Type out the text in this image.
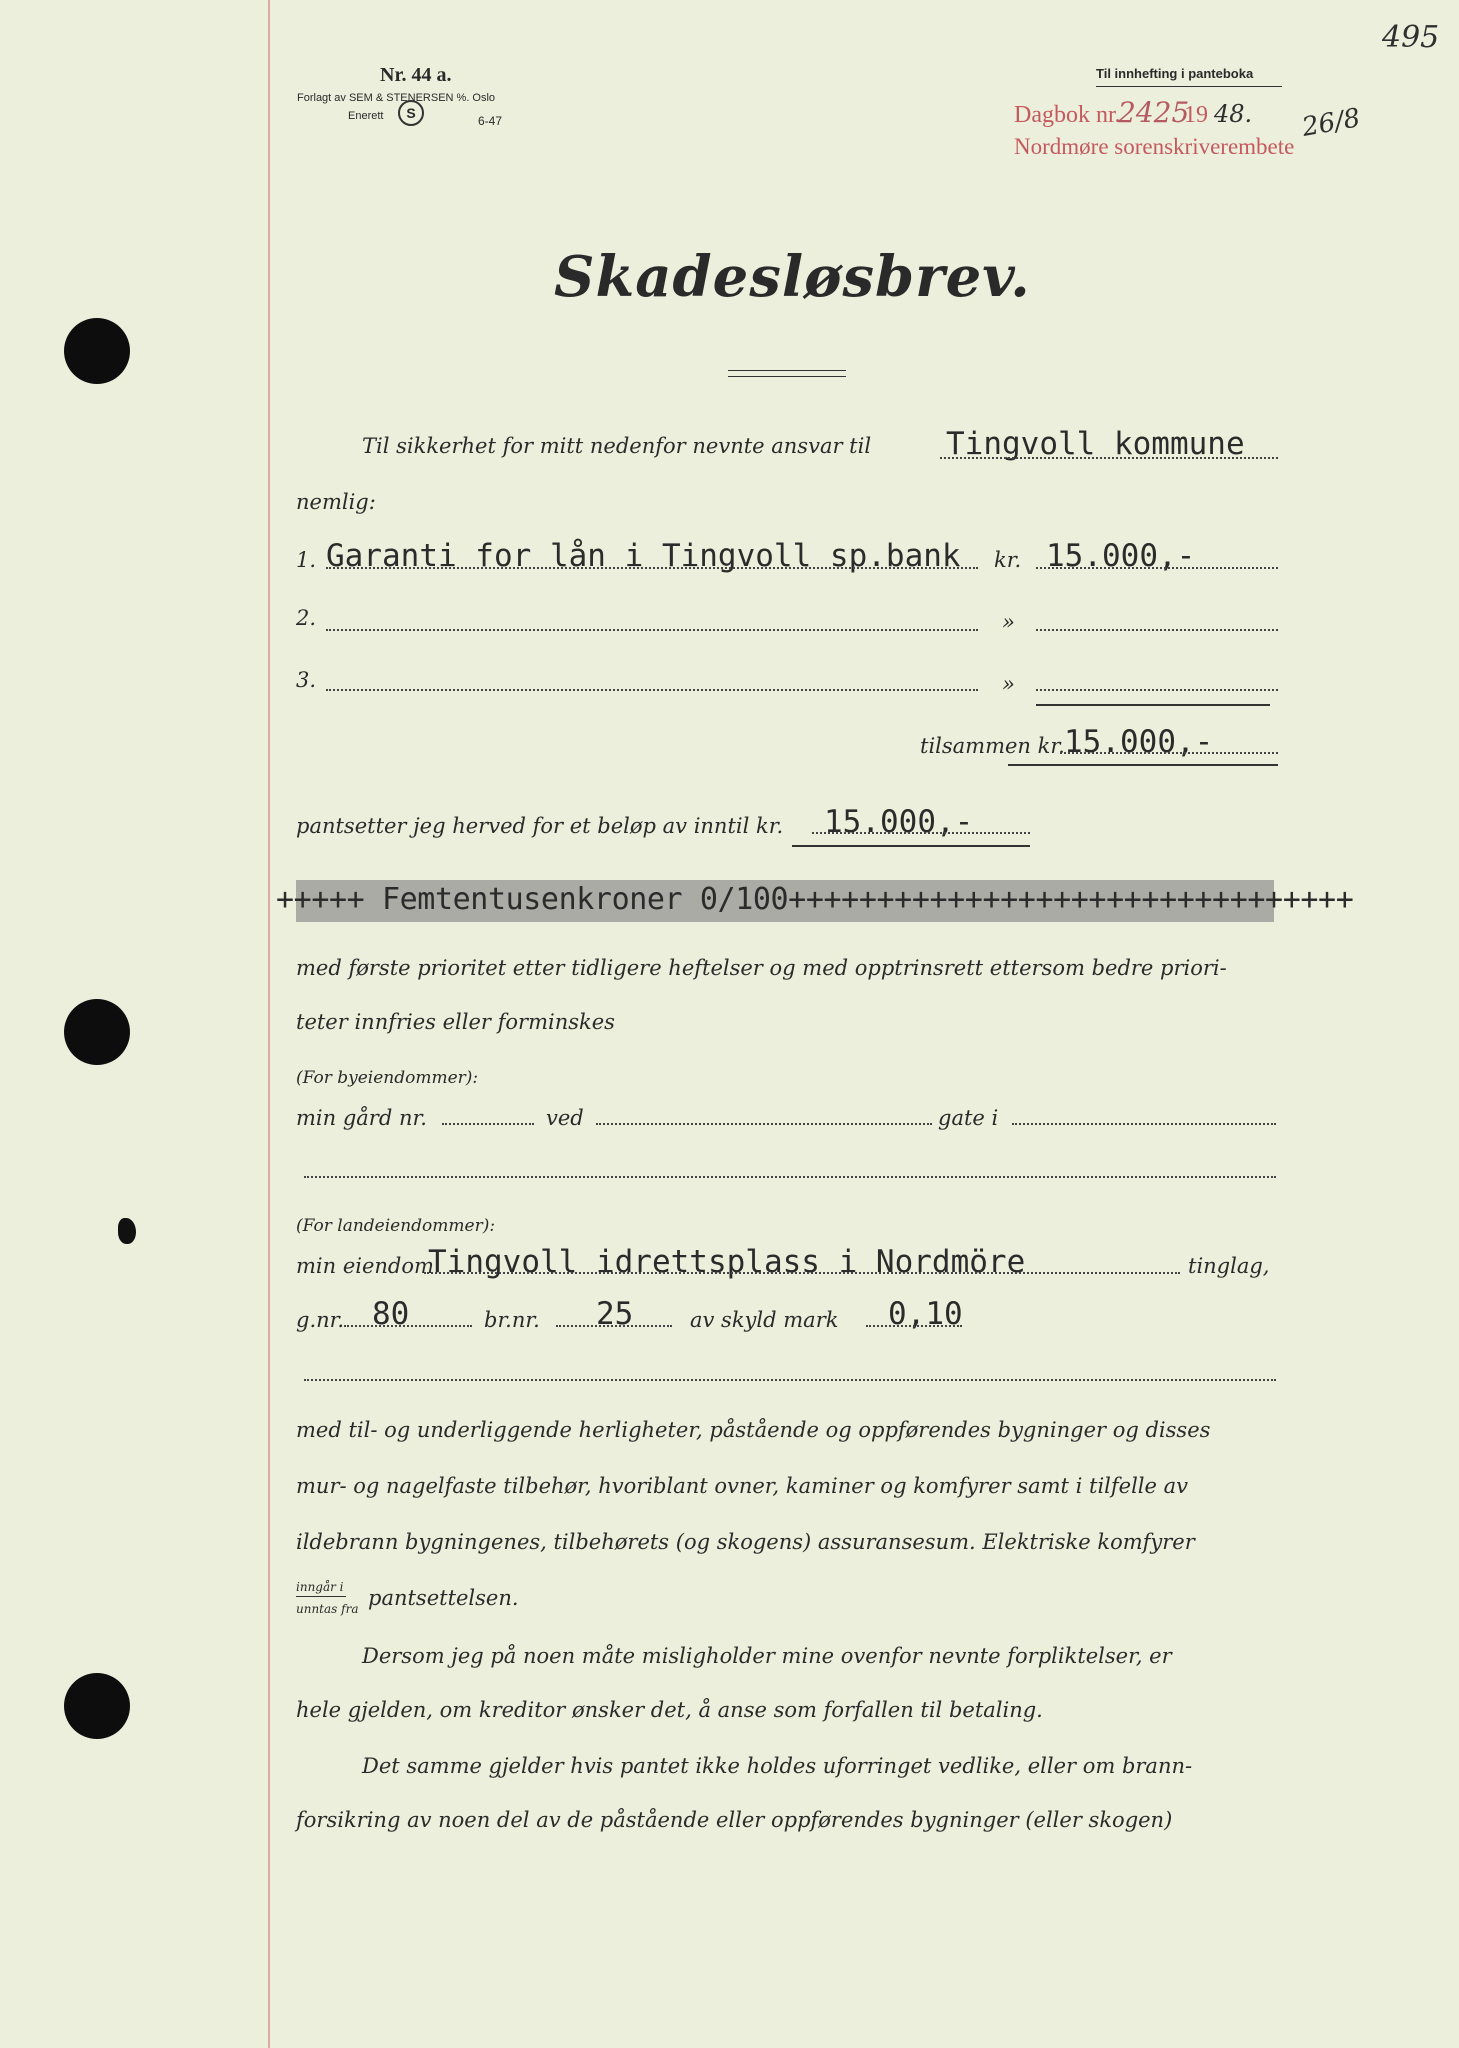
Nr. 44 a.
Forlagt av SEM & STENERSEN %. Oslo
Enerett	S	6-47
Til innhefting i panteboka
Dagbok nr.
2425
19 48. 26/8
Nordmøre sorenskriverembete
495
Skadesløsbrev.
Til sikkerhet for mitt nedenfor nevnte ansvar til Tingvoll kommune
nemlig:
1. Garanti for lån i Tingvoll sp.bank kr. 15.000,-
2.	»
3.	»
tilsammen kr. 15.000,-
pantsetter jeg herved for et beløp av inntil kr. 15.000,-
+++++ Femtentusenkroner 0/100++++++++++++++++++++++++++++++++
med første prioritet etter tidligere heftelser og med opptrinsrett ettersom bedre priori-
teter innfries eller forminskes
(For byeiendommer):
min gård nr.	ved	gate i
(For landeiendommer):
min eiendom
Tingvoll idrettsplass i Nordmöre	tinglag,
g.nr. 80	br.nr. 25	av skyld mark 0,10
med til- og underliggende herligheter, påstående og oppførendes bygninger og disses
mur- og nagelfaste tilbehør, hvoriblant ovner, kaminer og komfyrer samt i tilfelle av
ildebrann bygningenes, tilbehørets (og skogens) assuransesum. Elektriske komfyrer
inngår i
unntas fra pantsettelsen.
Dersom jeg på noen måte misligholder mine ovenfor nevnte forpliktelser, er
hele gjelden, om kreditor ønsker det, å anse som forfallen til betaling.
Det samme gjelder hvis pantet ikke holdes uforringet vedlike, eller om brann-
forsikring av noen del av de påstående eller oppførendes bygninger (eller skogen)
